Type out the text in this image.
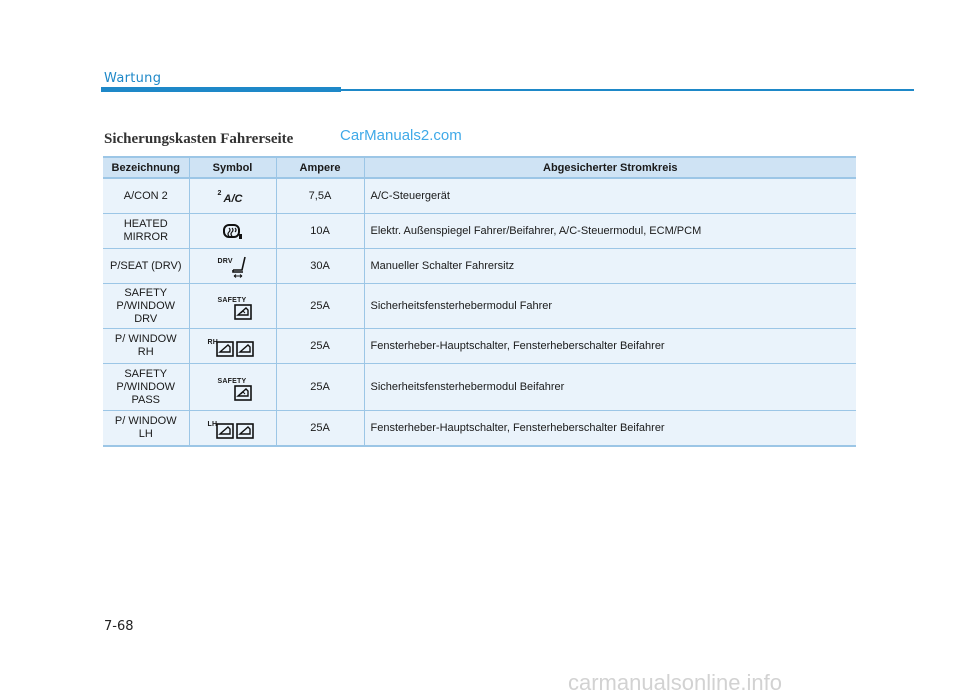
Wartung
Sicherungskasten Fahrerseite	CarManuals2.com
Bezeichnung	Symbol	Ampere	Abgesicherter Stromkreis
A/CON 2	2 A/C	7,5A	A/C-Steuergerät
HEATED
MIRROR		10A	Elektr. Außenspiegel Fahrer/Beifahrer, A/C-Steuermodul, ECM/PCM
P/SEAT (DRV)	DRV	30A	Manueller Schalter Fahrersitz
SAFETY
P/WINDOW
DRV	SAFETY	25A	Sicherheitsfensterhebermodul Fahrer
P/ WINDOW
RH	RH	25A	Fensterheber-Hauptschalter, Fensterheberschalter Beifahrer
SAFETY
P/WINDOW
PASS	SAFETY	25A	Sicherheitsfensterhebermodul Beifahrer
P/ WINDOW
LH	LH	25A	Fensterheber-Hauptschalter, Fensterheberschalter Beifahrer
7-68
carmanualsonline.info
